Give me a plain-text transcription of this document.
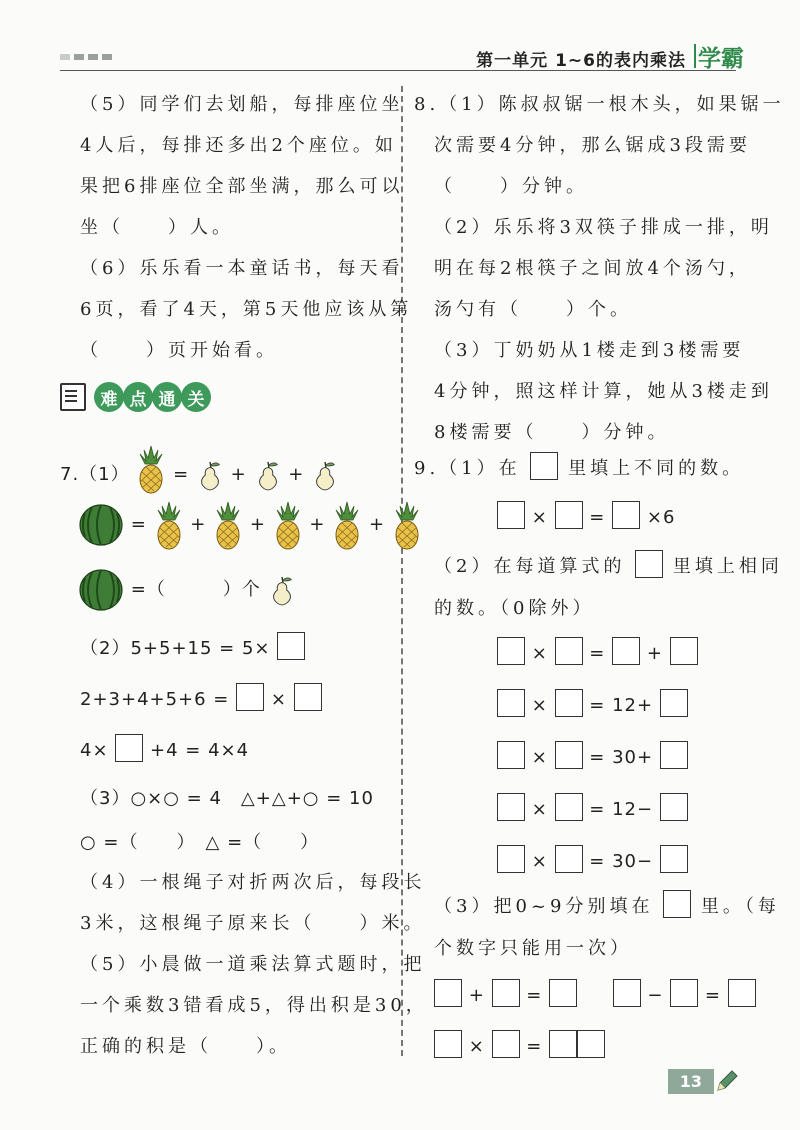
第一单元 1~6的表内乘法 学霸
（5）同学们去划船，每排座位坐
4人后，每排还多出2个座位。如
果把6排座位全部坐满，那么可以
坐（　　）人。
（6）乐乐看一本童话书，每天看
6页，看了4天，第5天他应该从第
（　　）页开始看。
难 点 通 关
7.（1） = + +
= + + + +
=（　　　）个
（2）5+5+15 = 5×
2+3+4+5+6 = ×
4× +4 = 4×4
（3）○×○ = 4　△+△+○ = 10
○ =（　　）　△ =（　　）
（4）一根绳子对折两次后，每段长
3米，这根绳子原来长（　　）米。
（5）小晨做一道乘法算式题时，把
一个乘数3错看成5，得出积是30，
正确的积是（　　）。
8.（1）陈叔叔锯一根木头，如果锯一
次需要4分钟，那么锯成3段需要
（　　）分钟。
（2）乐乐将3双筷子排成一排，明
明在每2根筷子之间放4个汤勺，
汤勺有（　　）个。
（3）丁奶奶从1楼走到3楼需要
4分钟，照这样计算，她从3楼走到
8楼需要（　　）分钟。
9.（1）在	里填上不同的数。
× = ×6
（2）在每道算式的	里填上相同
的数。（0除外）
× = +
× = 12+
× = 30+
× = 12−
× = 30−
（3）把0~9分别填在	里。（每
个数字只能用一次）
+ =	− =
× =
13
